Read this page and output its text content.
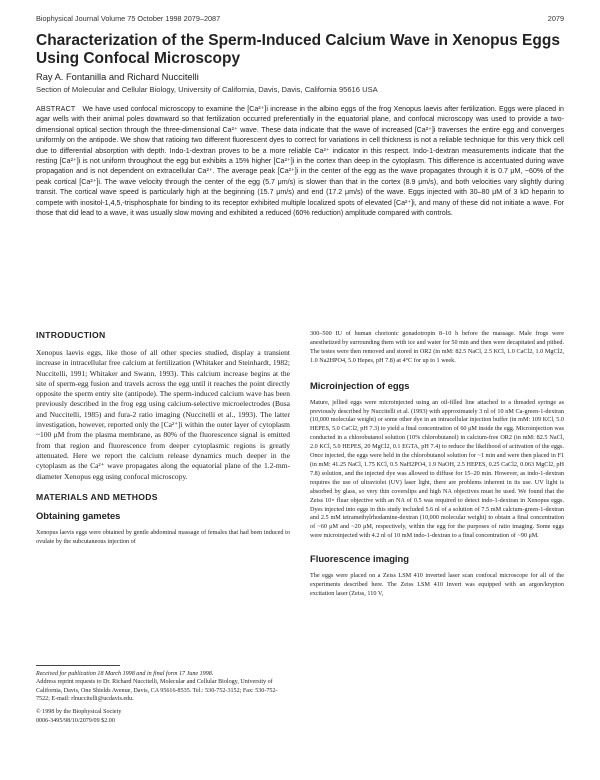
Biophysical Journal Volume 75 October 1998 2079–2087	2079
Characterization of the Sperm-Induced Calcium Wave in Xenopus Eggs Using Confocal Microscopy

Ray A. Fontanilla and Richard Nuccitelli

Section of Molecular and Cellular Biology, University of California, Davis, Davis, California 95616 USA

ABSTRACT We have used confocal microscopy to examine the [Ca²⁺]i increase in the albino eggs of the frog Xenopus laevis after fertilization. Eggs were placed in agar wells with their animal poles downward so that fertilization occurred preferentially in the equatorial plane, and confocal microscopy was used to provide a two-dimensional optical section through the three-dimensional Ca²⁺ wave. These data indicate that the wave of increased [Ca²⁺]i traverses the entire egg and converges uniformly on the antipode. We show that ratioing two different fluorescent dyes to correct for variations in cell thickness is not a reliable technique for this very thick cell due to differential absorption with depth. Indo-1-dextran proves to be a more reliable Ca²⁺ indicator in this respect. Indo-1-dextran measurements indicate that the resting [Ca²⁺]i is not uniform throughout the egg but exhibits a 15% higher [Ca²⁺]i in the cortex than deep in the cytoplasm. This difference is accentuated during wave propagation and is not dependent on extracellular Ca²⁺. The average peak [Ca²⁺]i in the center of the egg as the wave propagates through it is 0.7 μM, ~60% of the peak cortical [Ca²⁺]i. The wave velocity through the center of the egg (5.7 μm/s) is slower than that in the cortex (8.9 μm/s), and both velocities vary slightly during transit. The cortical wave speed is particularly high at the beginning (15.7 μm/s) and end (17.2 μm/s) of the wave. Eggs injected with 30–80 μM of 3 kD heparin to compete with inositol-1,4,5,-trisphosphate for binding to its receptor exhibited multiple localized spots of elevated [Ca²⁺]i, and many of these did not initiate a wave. For those that did lead to a wave, it was usually slow moving and exhibited a reduced (60% reduction) amplitude compared with controls.

INTRODUCTION

Xenopus laevis eggs, like those of all other species studied, display a transient increase in intracellular free calcium at fertilization (Whitaker and Steinhardt, 1982; Nuccitelli, 1991; Whitaker and Swann, 1993). This calcium increase begins at the site of sperm-egg fusion and travels across the egg until it reaches the point directly opposite the sperm entry site (antipode). The sperm-induced calcium wave has been previously described in the frog egg using calcium-selective microelectrodes (Busa and Nuccitelli, 1985) and fura-2 ratio imaging (Nuccitelli et al., 1993). The latter investigation, however, reported only the [Ca²⁺]i within the outer layer of cytoplasm ~100 μM from the plasma membrane, as 80% of the fluorescence signal is emitted from that region and fluorescence from deeper cytoplasmic regions is greatly attenuated. Here we report the calcium release dynamics much deeper in the cytoplasm as the Ca²⁺ wave propagates along the equatorial plane of the 1.2-mm-diameter Xenopus egg using confocal microscopy.

MATERIALS AND METHODS
Obtaining gametes

Xenopus laevis eggs were obtained by gentle abdominal massage of females that had been induced to ovulate by the subcutaneous injection of

Received for publication 18 March 1998 and in final form 17 June 1998.

Address reprint requests to Dr. Richard Nuccitelli, Molecular and Cellular Biology, University of California, Davis, One Shields Avenue, Davis, CA 95616-8535. Tel.: 530-752-3152; Fax: 530-752-7522; E-mail: rlnuccitelli@ucdavis.edu.

© 1998 by the Biophysical Society

0006-3495/98/10/2079/09 $2.00

300–500 IU of human chorionic gonadotropin 8–10 h before the massage. Male frogs were anesthetized by surrounding them with ice and water for 50 min and then were decapitated and pithed. The testes were then removed and stored in OR2 (in mM: 82.5 NaCl, 2.5 KCl, 1.0 CaCl2, 1.0 MgCl2, 1.0 Na2HPO4, 5.0 Hepes, pH 7.8) at 4°C for up to 1 week.

Microinjection of eggs

Mature, jellied eggs were microinjected using an oil-filled line attached to a threaded syringe as previously described by Nuccitelli et al. (1993) with approximately 3 nl of 10 nM Ca-green-1-dextran (10,000 molecular weight) or some other dye in an intracellular injection buffer (in mM: 109 KCl, 5.0 HEPES, 5.0 CaCl2, pH 7.3) to yield a final concentration of 60 μM inside the egg. Microinjection was conducted in a chlorobutanol solution (10% chlorobutanol) in calcium-free OR2 (in mM: 82.5 NaCl, 2.0 KCl, 5.0 HEPES, 20 MgCl2, 0.1 EGTA, pH 7.4) to reduce the likelihood of activation of the eggs. Once injected, the eggs were held in the chlorobutanol solution for ~1 min and were then placed in F1 (in mM: 41.25 NaCl, 1.75 KCl, 0.5 NaH2PO4, 1.9 NaOH, 2.5 HEPES, 0.25 CaCl2, 0.063 MgCl2, pH 7.8) solution, and the injected dye was allowed to diffuse for 15–20 min. However, as indo-1-dextran requires the use of ultraviolet (UV) laser light, there are problems inherent in its use. UV light is absorbed by glass, so very thin coverslips and high NA objectives must be used. We found that the Zeiss 10× fluar objective with an NA of 0.5 was required to detect indo-1-dextran in Xenopus eggs. Dyes injected into eggs in this study included 5.6 nl of a solution of 7.5 mM calcium-green-1-dextran and 2.5 mM tetramethylrhodamine-dextran (10,000 molecular weight) to obtain a final concentration of ~60 μM and ~20 μM, respectively, within the egg for the purposes of ratio imaging. Some eggs were microinjected with 4.2 nl of 10 mM indo-1-dextran to a final concentration of ~90 μM.

Fluorescence imaging

The eggs were placed on a Zeiss LSM 410 inverted laser scan confocal microscope for all of the experiments described here. The Zeiss LSM 410 Invert was equipped with an argon/krypton excitation laser (Zeiss, 110 V,
